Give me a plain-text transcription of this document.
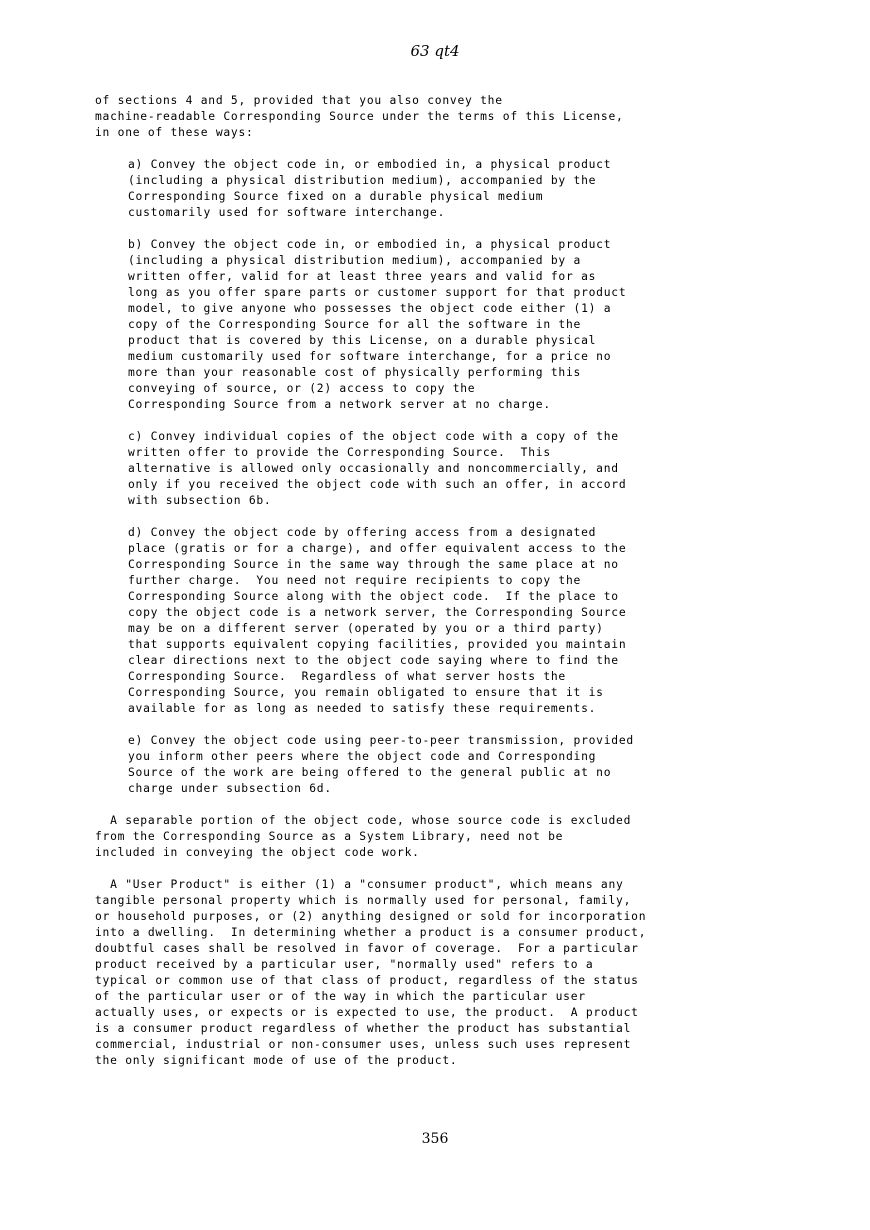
63 qt4

of sections 4 and 5, provided that you also convey the
machine-readable Corresponding Source under the terms of this License,
in one of these ways:

a) Convey the object code in, or embodied in, a physical product
(including a physical distribution medium), accompanied by the
Corresponding Source fixed on a durable physical medium
customarily used for software interchange.

b) Convey the object code in, or embodied in, a physical product
(including a physical distribution medium), accompanied by a
written offer, valid for at least three years and valid for as
long as you offer spare parts or customer support for that product
model, to give anyone who possesses the object code either (1) a
copy of the Corresponding Source for all the software in the
product that is covered by this License, on a durable physical
medium customarily used for software interchange, for a price no
more than your reasonable cost of physically performing this
conveying of source, or (2) access to copy the
Corresponding Source from a network server at no charge.

c) Convey individual copies of the object code with a copy of the
written offer to provide the Corresponding Source.  This
alternative is allowed only occasionally and noncommercially, and
only if you received the object code with such an offer, in accord
with subsection 6b.

d) Convey the object code by offering access from a designated
place (gratis or for a charge), and offer equivalent access to the
Corresponding Source in the same way through the same place at no
further charge.  You need not require recipients to copy the
Corresponding Source along with the object code.  If the place to
copy the object code is a network server, the Corresponding Source
may be on a different server (operated by you or a third party)
that supports equivalent copying facilities, provided you maintain
clear directions next to the object code saying where to find the
Corresponding Source.  Regardless of what server hosts the
Corresponding Source, you remain obligated to ensure that it is
available for as long as needed to satisfy these requirements.

e) Convey the object code using peer-to-peer transmission, provided
you inform other peers where the object code and Corresponding
Source of the work are being offered to the general public at no
charge under subsection 6d.

A separable portion of the object code, whose source code is excluded
from the Corresponding Source as a System Library, need not be
included in conveying the object code work.

A "User Product" is either (1) a "consumer product", which means any
tangible personal property which is normally used for personal, family,
or household purposes, or (2) anything designed or sold for incorporation
into a dwelling.  In determining whether a product is a consumer product,
doubtful cases shall be resolved in favor of coverage.  For a particular
product received by a particular user, "normally used" refers to a
typical or common use of that class of product, regardless of the status
of the particular user or of the way in which the particular user
actually uses, or expects or is expected to use, the product.  A product
is a consumer product regardless of whether the product has substantial
commercial, industrial or non-consumer uses, unless such uses represent
the only significant mode of use of the product.

356
